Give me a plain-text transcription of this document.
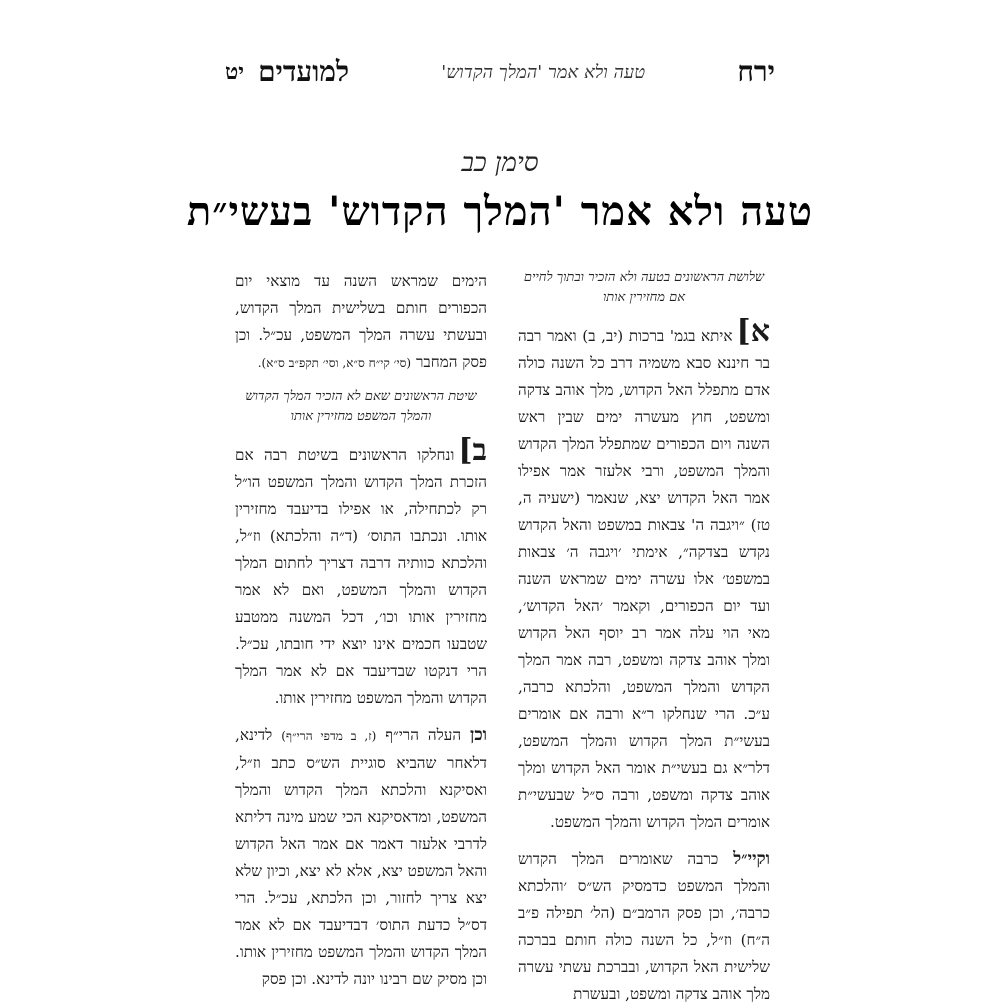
ירח
טעה ולא אמר 'המלך הקדוש'
למועדים
יט
סימן כב
טעה ולא אמר 'המלך הקדוש' בעשי״ת
שלושת הראשונים בטעה ולא הזכיר ובתוך לחיים אם מחזירין אותו

א]איתא בגמ' ברכות (יב, ב) ואמר רבה בר חיננא סבא משמיה דרב כל השנה כולה אדם מתפלל האל הקדוש, מלך אוהב צדקה ומשפט, חוץ מעשרה ימים שבין ראש השנה ויום הכפורים שמתפלל המלך הקדוש והמלך המשפט, ורבי אלעזר אמר אפילו אמר האל הקדוש יצא, שנאמר (ישעיה ה, טז) ״ויגבה ה' צבאות במשפט והאל הקדוש נקדש בצדקה״, אימתי ׳ויגבה ה׳ צבאות במשפט׳ אלו עשרה ימים שמראש השנה ועד יום הכפורים, וקאמר ׳האל הקדוש׳, מאי הוי עלה אמר רב יוסף האל הקדוש ומלך אוהב צדקה ומשפט, רבה אמר המלך הקדוש והמלך המשפט, והלכתא כרבה, ע״כ. הרי שנחלקו ר״א ורבה אם אומרים בעשי״ת המלך הקדוש והמלך המשפט, דלר״א גם בעשי״ת אומר האל הקדוש ומלך אוהב צדקה ומשפט, ורבה ס״ל שבעשי״ת אומרים המלך הקדוש והמלך המשפט.

וקיי״ל כרבה שאומרים המלך הקדוש והמלך המשפט כדמסיק הש״ס ׳והלכתא כרבה׳, וכן פסק הרמב״ם (הל׳ תפילה פ״ב ה״ח) וז״ל, כל השנה כולה חותם בברכה שלישית האל הקדוש, ובברכת עשתי עשרה מלך אוהב צדקה ומשפט, ובעשרת

הימים שמראש השנה עד מוצאי יום הכפורים חותם בשלישית המלך הקדוש, ובעשתי עשרה המלך המשפט, עכ״ל. וכן פסק המחבר (סי׳ קי״ח ס״א, וסי׳ תקפ״ב ס״א).

שיטת הראשונים שאם לא הזכיר המלך הקדוש והמלך המשפט מחזירין אותו

ב]ונחלקו הראשונים בשיטת רבה אם הזכרת המלך הקדוש והמלך המשפט הו״ל רק לכתחילה, או אפילו בדיעבד מחזירין אותו. ונכתבו התוס׳ (ד״ה והלכתא) וז״ל, והלכתא כוותיה דרבה דצריך לחתום המלך הקדוש והמלך המשפט, ואם לא אמר מחזירין אותו וכו׳, דכל המשנה ממטבע שטבעו חכמים אינו יוצא ידי חובתו, עכ״ל. הרי דנקטו שבדיעבד אם לא אמר המלך הקדוש והמלך המשפט מחזירין אותו.

וכן העלה הרי״ף (ז, ב מדפי הרי״ף) לדינא, דלאחר שהביא סוגיית הש״ס כתב וז״ל, ואסיקנא והלכתא המלך הקדוש והמלך המשפט, ומדאסיקנא הכי שמע מינה דליתא לדרבי אלעזר דאמר אם אמר האל הקדוש והאל המשפט יצא, אלא לא יצא, וכיון שלא יצא צריך לחזור, וכן הלכתא, עכ״ל. הרי דס״ל כדעת התוס׳ דבדיעבד אם לא אמר המלך הקדוש והמלך המשפט מחזירין אותו. וכן מסיק שם רבינו יונה לדינא. וכן פסק
